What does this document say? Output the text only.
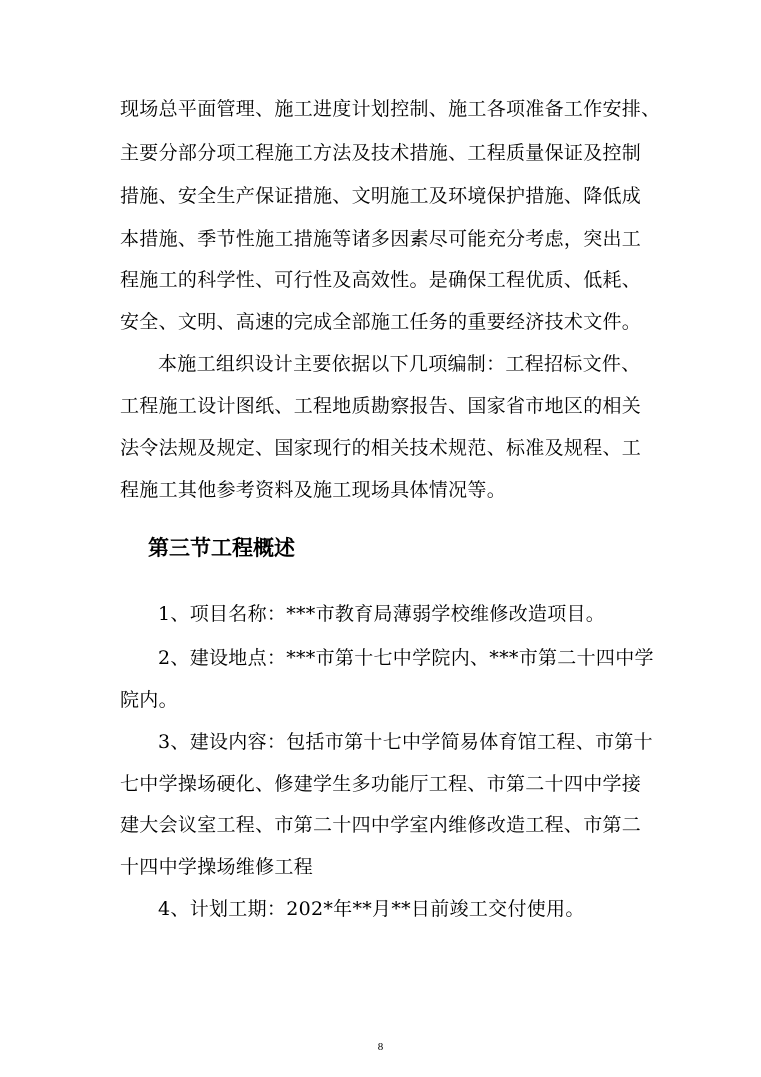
现场总平面管理、施工进度计划控制、施工各项准备工作安排、
主要分部分项工程施工方法及技术措施、工程质量保证及控制
措施、安全生产保证措施、文明施工及环境保护措施、降低成
本措施、季节性施工措施等诸多因素尽可能充分考虑，突出工
程施工的科学性、可行性及高效性。是确保工程优质、低耗、
安全、文明、高速的完成全部施工任务的重要经济技术文件。
本施工组织设计主要依据以下几项编制：工程招标文件、
工程施工设计图纸、工程地质勘察报告、国家省市地区的相关
法令法规及规定、国家现行的相关技术规范、标准及规程、工
程施工其他参考资料及施工现场具体情况等。
第三节工程概述
1、项目名称：***市教育局薄弱学校维修改造项目。
2、建设地点：***市第十七中学院内、***市第二十四中学
院内。
3、建设内容：包括市第十七中学简易体育馆工程、市第十
七中学操场硬化、修建学生多功能厅工程、市第二十四中学接
建大会议室工程、市第二十四中学室内维修改造工程、市第二
十四中学操场维修工程
4、计划工期：202*年**月**日前竣工交付使用。
8
